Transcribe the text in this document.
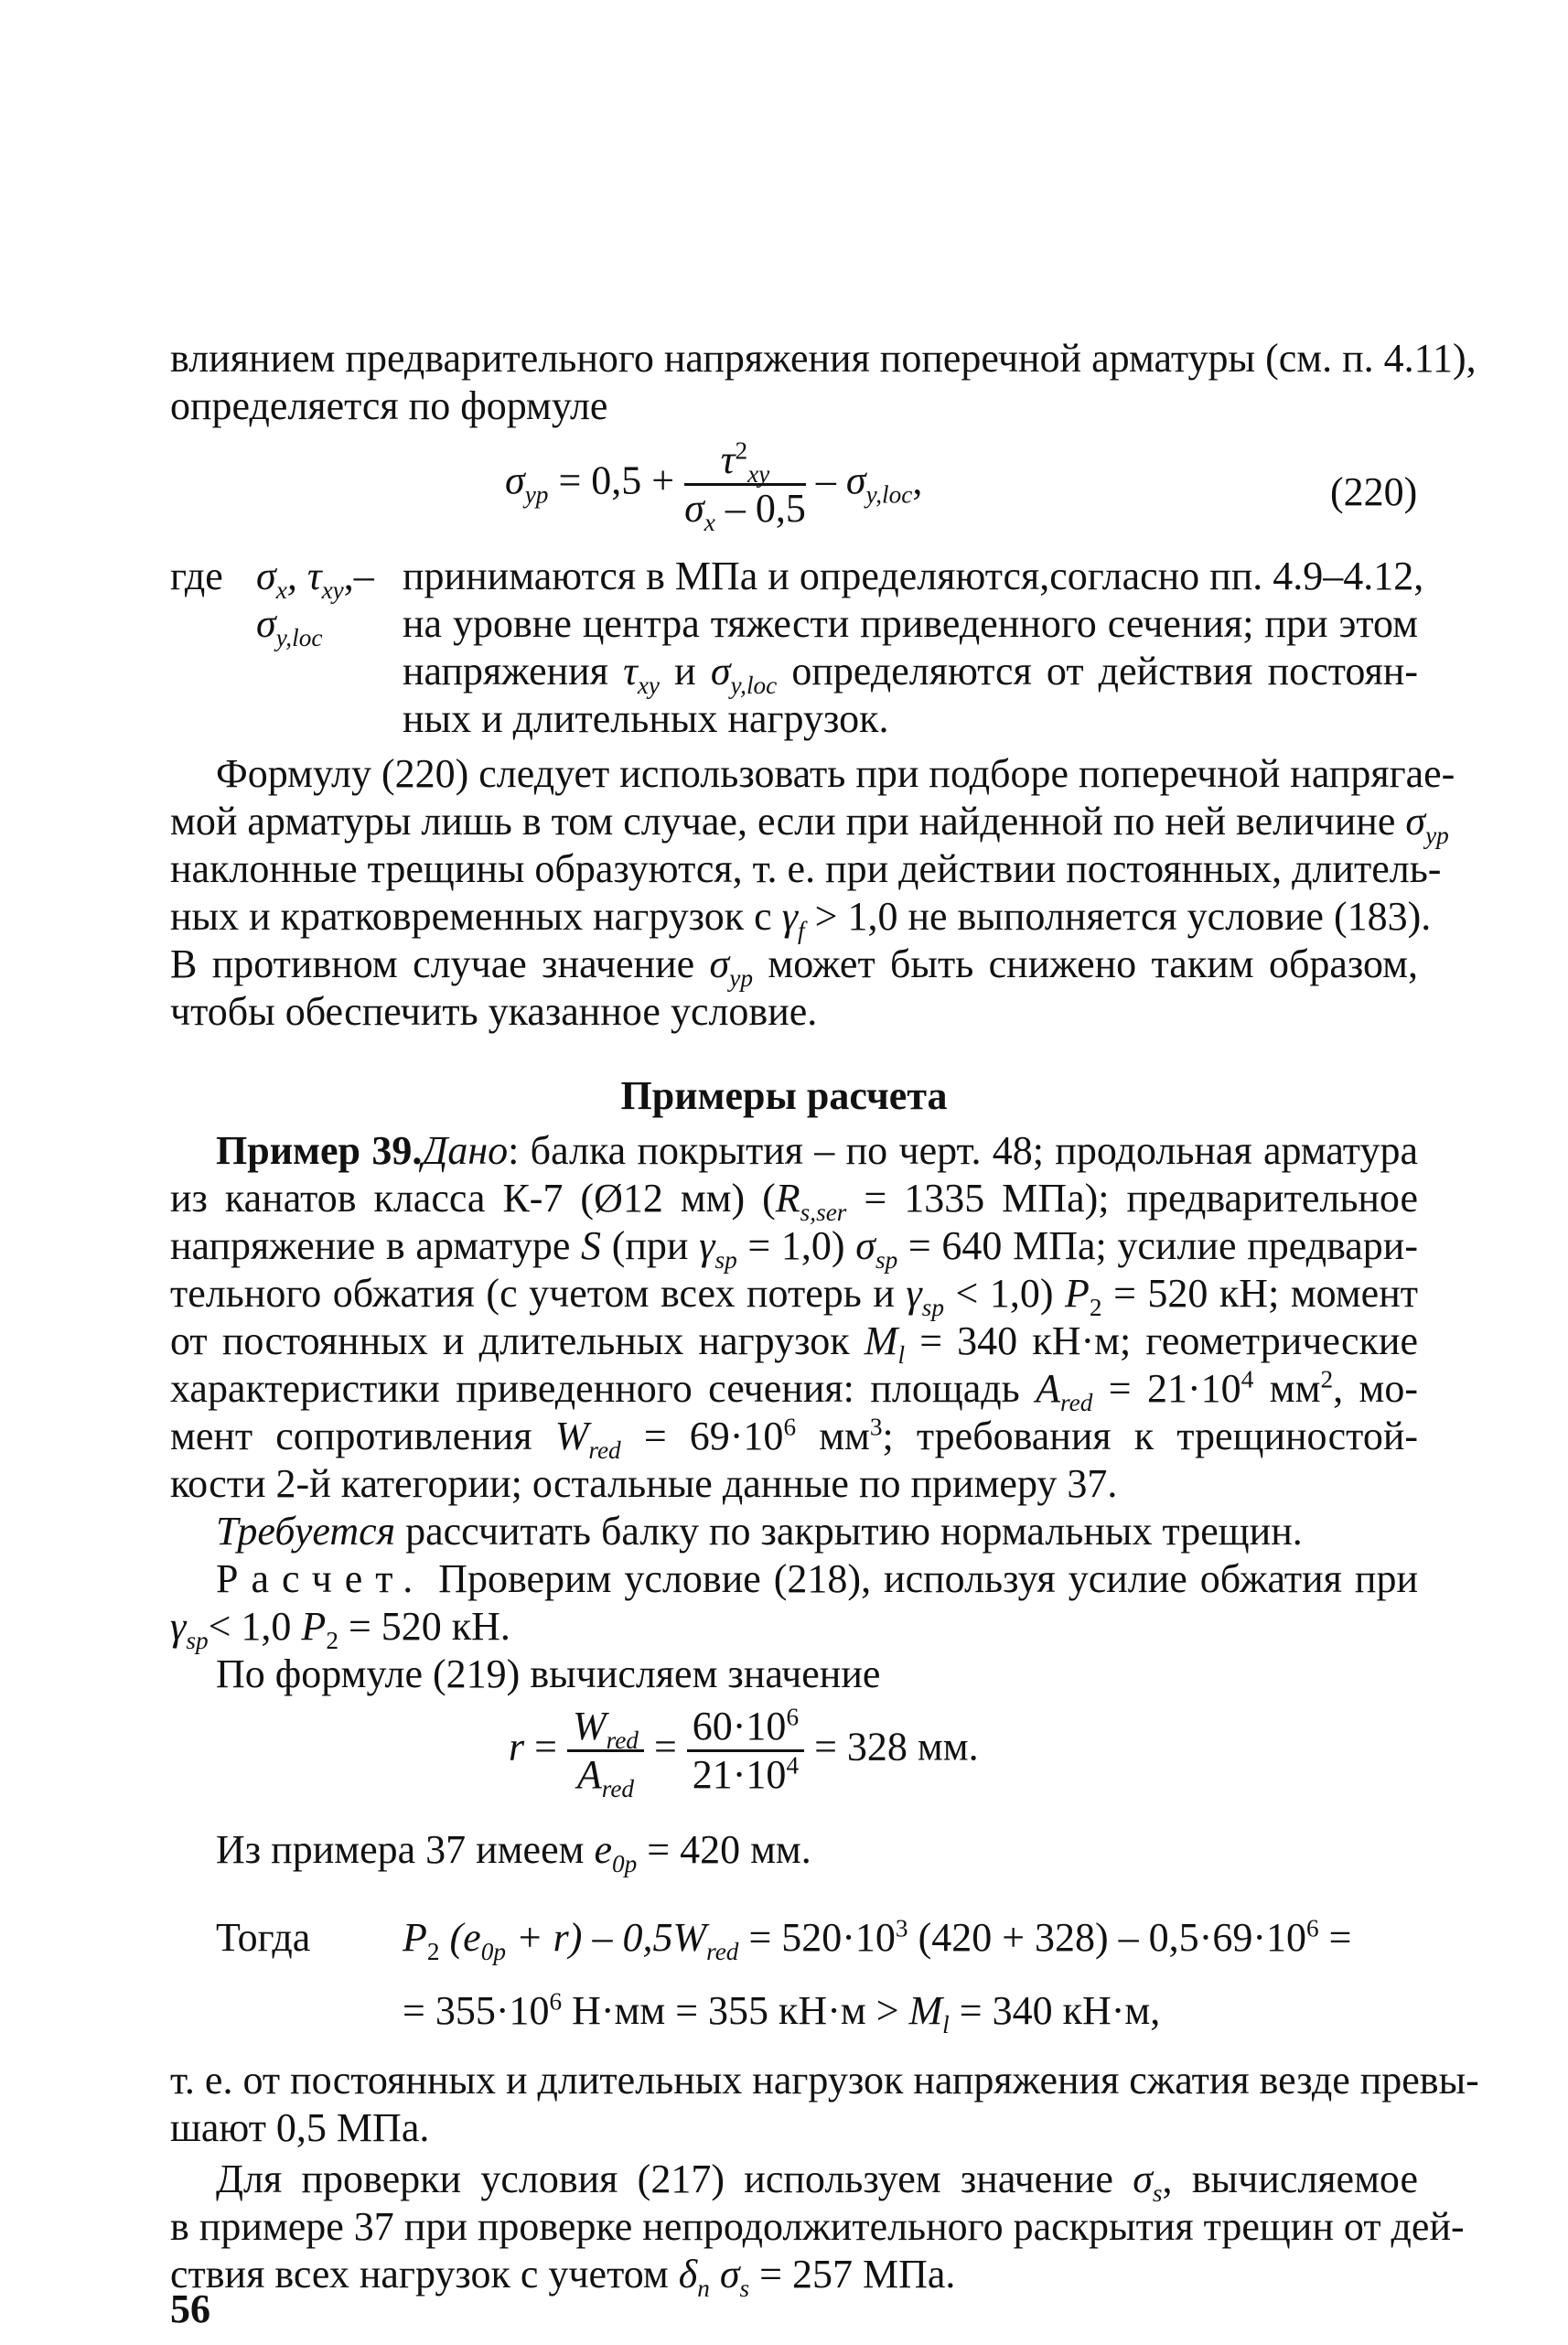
влиянием предварительного напряжения поперечной арматуры (см. п. 4.11),
определяется по формуле
$\sigma_{yp} = 0,5 + \frac{\tau^2_{xy}}{\sigma_x - 0,5} - \sigma_{y,loc}$,	(220)
где $\sigma_x$, $\tau_{xy},-$ принимаются в МПа и определяются,согласно пп. 4.9–4.12,
$\sigma_{y,loc}$ на уровне центра тяжести приведенного сечения; при этом
напряжения $\tau_{xy}$ и $\sigma_{y,loc}$ определяются от действия постоян-
ных и длительных нагрузок.
Формулу (220) следует использовать при подборе поперечной напрягае-
мой арматуры лишь в том случае, если при найденной по ней величине $\sigma_{yp}$
наклонные трещины образуются, т. е. при действии постоянных, длитель-
ных и кратковременных нагрузок с $\gamma_f > 1,0$ не выполняется условие (183).
В противном случае значение $\sigma_{yp}$ может быть снижено таким образом,
чтобы обеспечить указанное условие.
Примеры расчета
Пример 39.Дано: балка покрытия – по черт. 48; продольная арматура
из канатов класса К-7 (Ø12 мм) ($R_{s,ser} = 1335$ МПа); предварительное
напряжение в арматуре S (при $\gamma_{sp} = 1,0$) $\sigma_{sp} = 640$ МПа; усилие предвари-
тельного обжатия (с учетом всех потерь и $\gamma_{sp} < 1,0$) $P_2 = 520$ кН; момент
от постоянных и длительных нагрузок $M_l = 340$ кН·м; геометрические
характеристики приведенного сечения: площадь $A_{red} = 21\cdot 10^4$ $мм^2$, мо-
мент сопротивления $W_{red} = 69\cdot 10^6$ $мм^3$; требования к трещиностой-
кости 2-й категории; остальные данные по примеру 37.
Требуется рассчитать балку по закрытию нормальных трещин.
Расчет. Проверим условие (218), используя усилие обжатия при
$\gamma_{sp}< 1,0$ $P_2 = 520$ кН.
По формуле (219) вычисляем значение
$r = \frac{W_{red}}{A_{red}} = \frac{60\cdot 10^6}{21\cdot 10^4} = 328$ мм.
Из примера 37 имеем $e_{0p} = 420$ мм.
Тогда $P_2$ $(e_{0p} + r) - 0,5W_{red} = 520\cdot 10^3$ $(420 + 328) - 0,5\cdot 69\cdot 10^6$ =
= $355\cdot 10^6$ Н·мм = 355 $кН\cdot м > M_l = 340$ кН·м,
т. е. от постоянных и длительных нагрузок напряжения сжатия везде превы-
шают 0,5 МПа.
Для проверки условия (217) используем значение $\sigma_s$, вычисляемое
в примере 37 при проверке непродолжительного раскрытия трещин от дей-
ствия всех нагрузок с учетом $\delta_n$ $\sigma_s = 257$ МПа.
56
